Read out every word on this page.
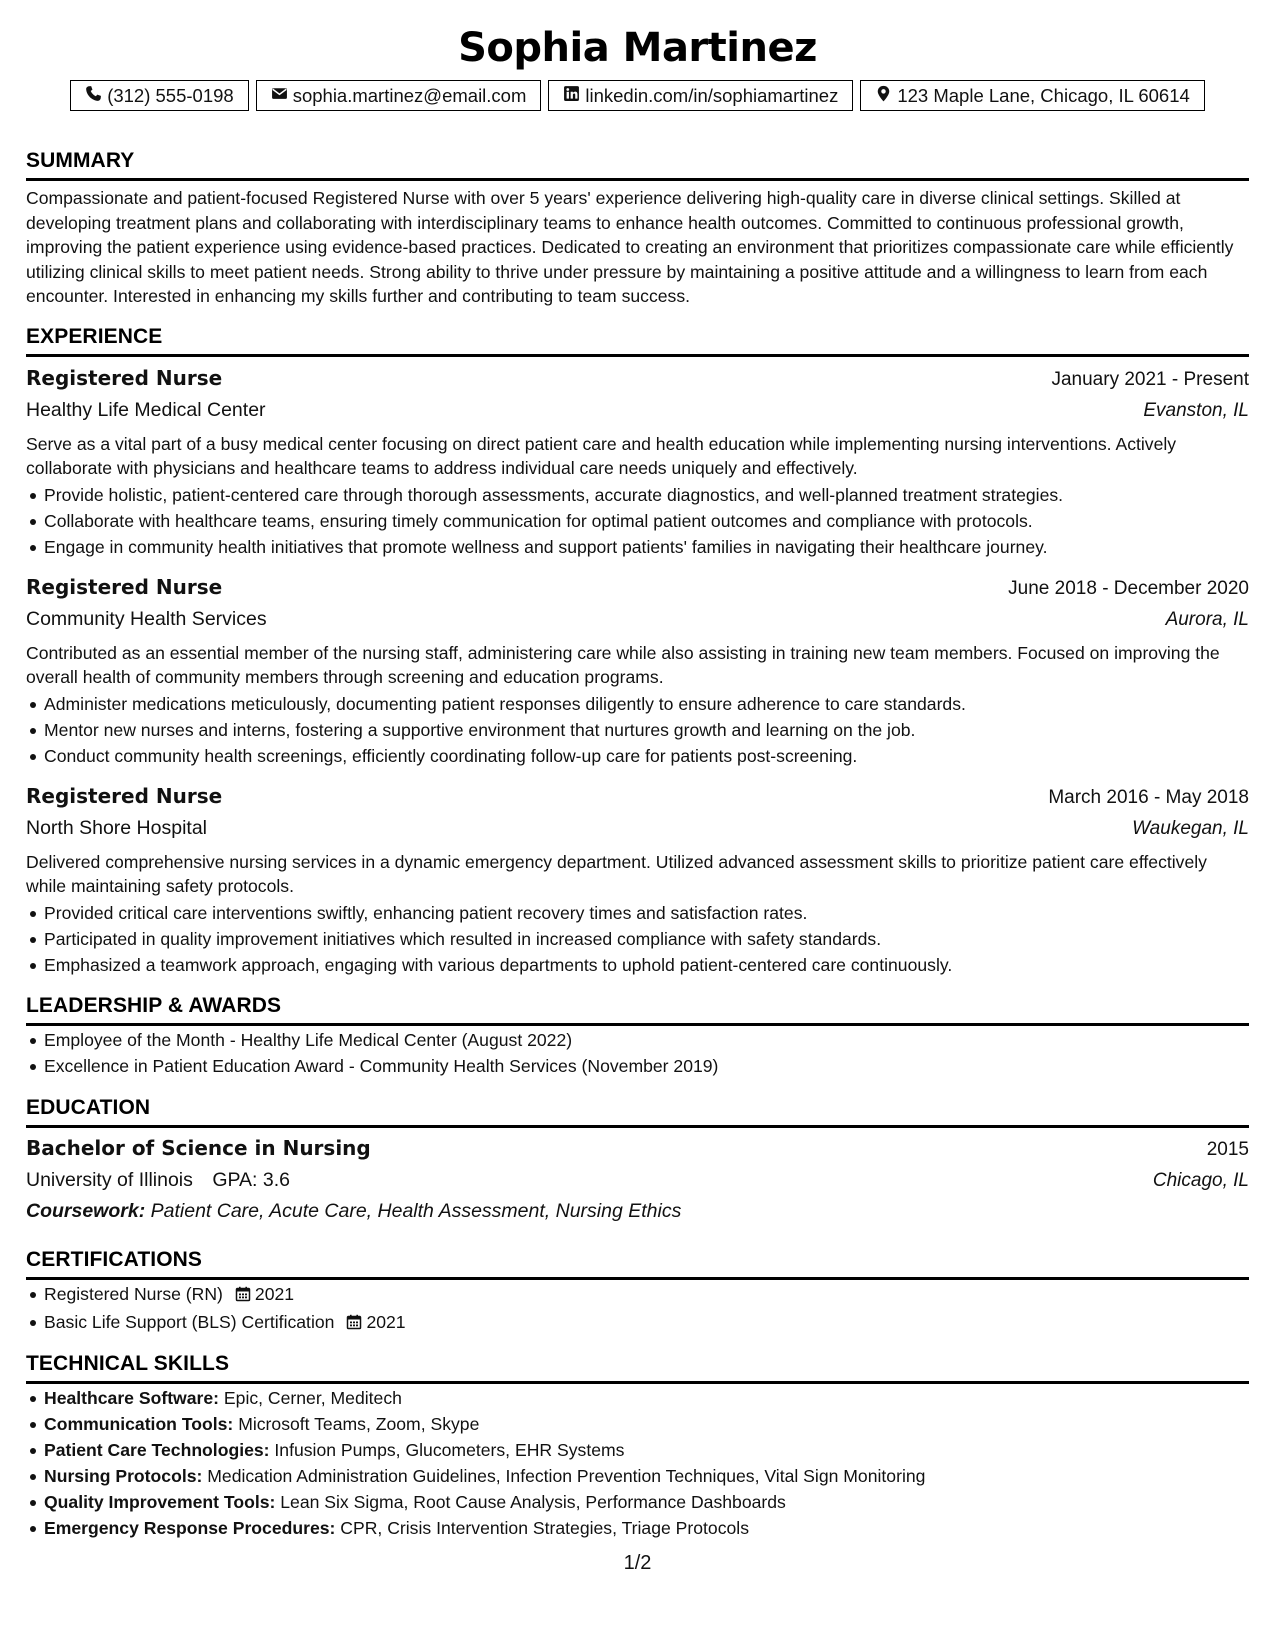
Sophia Martinez
(312) 555-0198	sophia.martinez@email.com	linkedin.com/in/sophiamartinez	123 Maple Lane, Chicago, IL 60614
SUMMARY
Compassionate and patient-focused Registered Nurse with over 5 years' experience delivering high-quality care in diverse clinical settings. Skilled at developing treatment plans and collaborating with interdisciplinary teams to enhance health outcomes. Committed to continuous professional growth, improving the patient experience using evidence-based practices. Dedicated to creating an environment that prioritizes compassionate care while efficiently utilizing clinical skills to meet patient needs. Strong ability to thrive under pressure by maintaining a positive attitude and a willingness to learn from each encounter. Interested in enhancing my skills further and contributing to team success.
EXPERIENCE
Registered Nurse	January 2021 - Present
Healthy Life Medical Center	Evanston, IL
Serve as a vital part of a busy medical center focusing on direct patient care and health education while implementing nursing interventions. Actively collaborate with physicians and healthcare teams to address individual care needs uniquely and effectively.
Provide holistic, patient-centered care through thorough assessments, accurate diagnostics, and well-planned treatment strategies.
Collaborate with healthcare teams, ensuring timely communication for optimal patient outcomes and compliance with protocols.
Engage in community health initiatives that promote wellness and support patients' families in navigating their healthcare journey.
Registered Nurse	June 2018 - December 2020
Community Health Services	Aurora, IL
Contributed as an essential member of the nursing staff, administering care while also assisting in training new team members. Focused on improving the overall health of community members through screening and education programs.
Administer medications meticulously, documenting patient responses diligently to ensure adherence to care standards.
Mentor new nurses and interns, fostering a supportive environment that nurtures growth and learning on the job.
Conduct community health screenings, efficiently coordinating follow-up care for patients post-screening.
Registered Nurse	March 2016 - May 2018
North Shore Hospital	Waukegan, IL
Delivered comprehensive nursing services in a dynamic emergency department. Utilized advanced assessment skills to prioritize patient care effectively while maintaining safety protocols.
Provided critical care interventions swiftly, enhancing patient recovery times and satisfaction rates.
Participated in quality improvement initiatives which resulted in increased compliance with safety standards.
Emphasized a teamwork approach, engaging with various departments to uphold patient-centered care continuously.
LEADERSHIP & AWARDS
Employee of the Month - Healthy Life Medical Center (August 2022)
Excellence in Patient Education Award - Community Health Services (November 2019)
EDUCATION
Bachelor of Science in Nursing	2015
University of Illinois GPA: 3.6	Chicago, IL
Coursework: Patient Care, Acute Care, Health Assessment, Nursing Ethics
CERTIFICATIONS
Registered Nurse (RN) 2021
Basic Life Support (BLS) Certification 2021
TECHNICAL SKILLS
Healthcare Software: Epic, Cerner, Meditech
Communication Tools: Microsoft Teams, Zoom, Skype
Patient Care Technologies: Infusion Pumps, Glucometers, EHR Systems
Nursing Protocols: Medication Administration Guidelines, Infection Prevention Techniques, Vital Sign Monitoring
Quality Improvement Tools: Lean Six Sigma, Root Cause Analysis, Performance Dashboards
Emergency Response Procedures: CPR, Crisis Intervention Strategies, Triage Protocols
1/2
